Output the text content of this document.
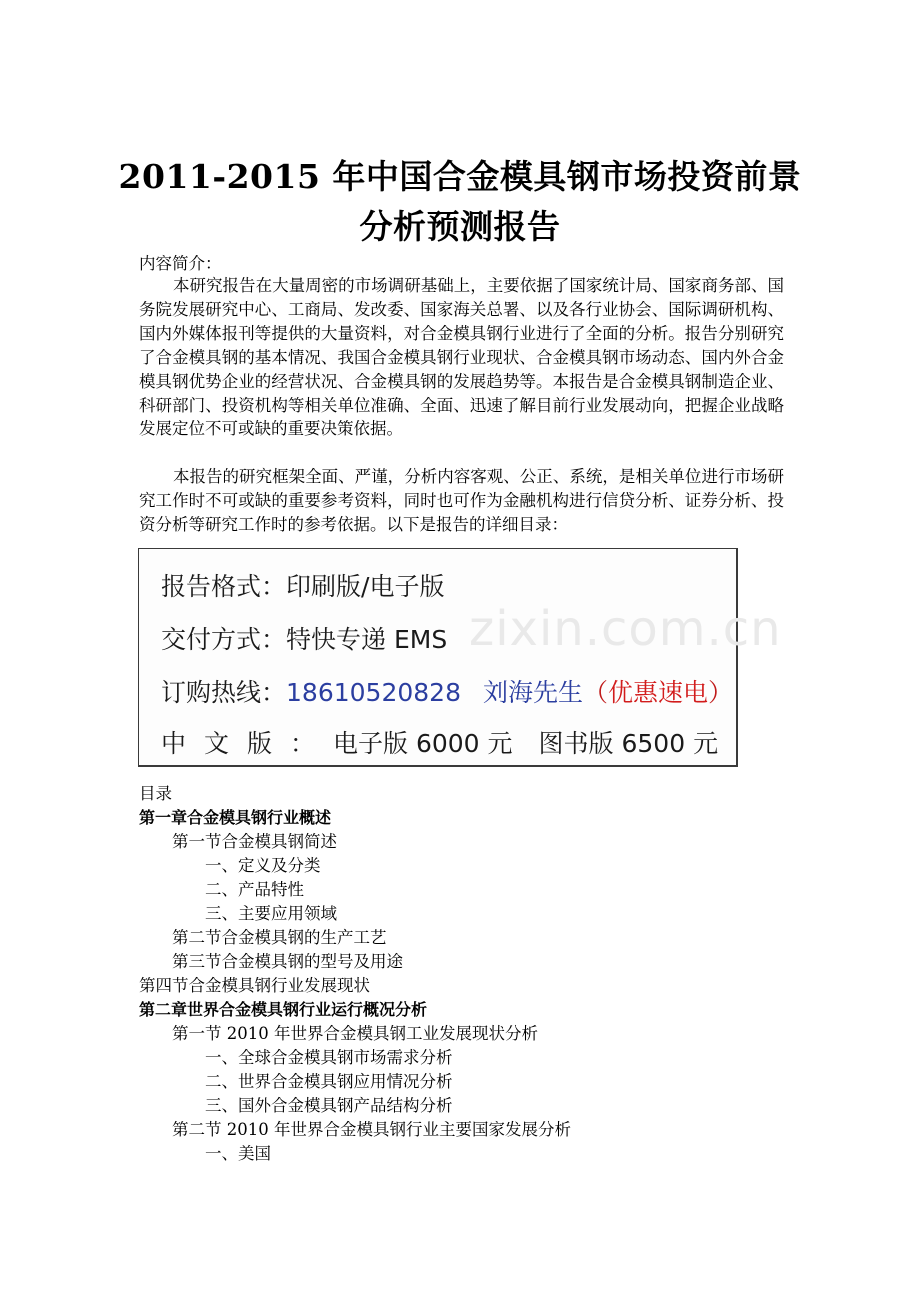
2011-2015 年中国合金模具钢市场投资前景
分析预测报告
内容简介：
本研究报告在大量周密的市场调研基础上，主要依据了国家统计局、国家商务部、国务院发展研究中心、工商局、发改委、国家海关总署、以及各行业协会、国际调研机构、国内外媒体报刊等提供的大量资料，对合金模具钢行业进行了全面的分析。报告分别研究了合金模具钢的基本情况、我国合金模具钢行业现状、合金模具钢市场动态、国内外合金模具钢优势企业的经营状况、合金模具钢的发展趋势等。本报告是合金模具钢制造企业、科研部门、投资机构等相关单位准确、全面、迅速了解目前行业发展动向，把握企业战略发展定位不可或缺的重要决策依据。
本报告的研究框架全面、严谨，分析内容客观、公正、系统，是相关单位进行市场研究工作时不可或缺的重要参考资料，同时也可作为金融机构进行信贷分析、证券分析、投资分析等研究工作时的参考依据。以下是报告的详细目录：
zixin.com.cn
报告格式：印刷版/电子版
交付方式：特快专递 EMS
订购热线：18610520828 刘海先生（优惠速电）
中文版：电子版 6000 元 图书版 6500 元
目录
第一章合金模具钢行业概述
第一节合金模具钢简述
一、定义及分类
二、产品特性
三、主要应用领域
第二节合金模具钢的生产工艺
第三节合金模具钢的型号及用途
第四节合金模具钢行业发展现状
第二章世界合金模具钢行业运行概况分析
第一节 2010 年世界合金模具钢工业发展现状分析
一、全球合金模具钢市场需求分析
二、世界合金模具钢应用情况分析
三、国外合金模具钢产品结构分析
第二节 2010 年世界合金模具钢行业主要国家发展分析
一、美国
